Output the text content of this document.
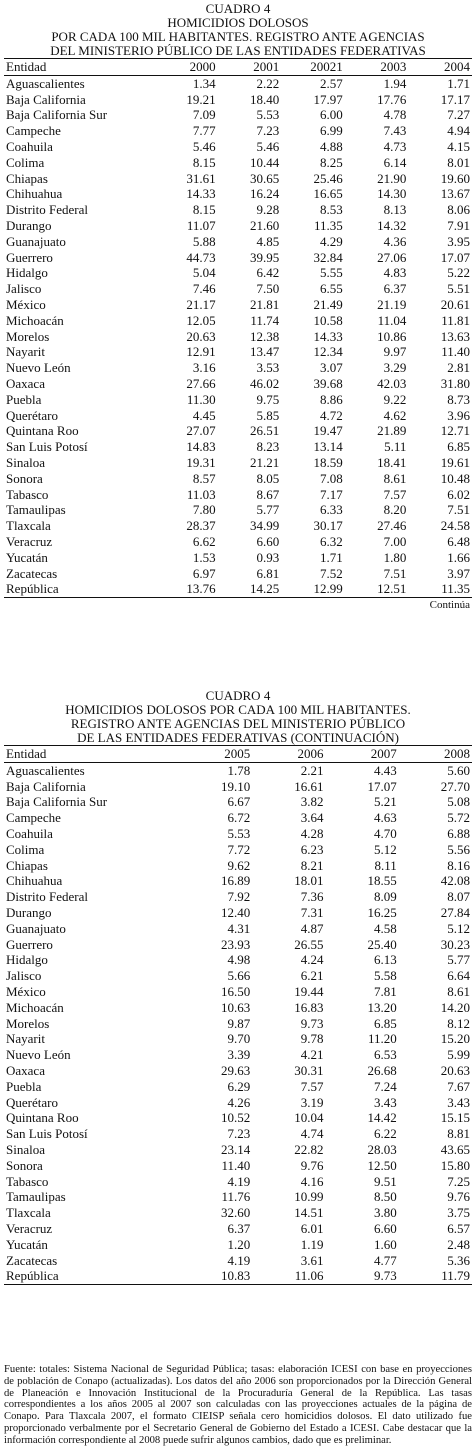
CUADRO 4
HOMICIDIOS DOLOSOS
POR CADA 100 MIL HABITANTES. REGISTRO ANTE AGENCIAS
DEL MINISTERIO PÚBLICO DE LAS ENTIDADES FEDERATIVAS
Entidad	2000	2001	20021	2003	2004
Aguascalientes	1.34	2.22	2.57	1.94	1.71
Baja California	19.21	18.40	17.97	17.76	17.17
Baja California Sur	7.09	5.53	6.00	4.78	7.27
Campeche	7.77	7.23	6.99	7.43	4.94
Coahuila	5.46	5.46	4.88	4.73	4.15
Colima	8.15	10.44	8.25	6.14	8.01
Chiapas	31.61	30.65	25.46	21.90	19.60
Chihuahua	14.33	16.24	16.65	14.30	13.67
Distrito Federal	8.15	9.28	8.53	8.13	8.06
Durango	11.07	21.60	11.35	14.32	7.91
Guanajuato	5.88	4.85	4.29	4.36	3.95
Guerrero	44.73	39.95	32.84	27.06	17.07
Hidalgo	5.04	6.42	5.55	4.83	5.22
Jalisco	7.46	7.50	6.55	6.37	5.51
México	21.17	21.81	21.49	21.19	20.61
Michoacán	12.05	11.74	10.58	11.04	11.81
Morelos	20.63	12.38	14.33	10.86	13.63
Nayarit	12.91	13.47	12.34	9.97	11.40
Nuevo León	3.16	3.53	3.07	3.29	2.81
Oaxaca	27.66	46.02	39.68	42.03	31.80
Puebla	11.30	9.75	8.86	9.22	8.73
Querétaro	4.45	5.85	4.72	4.62	3.96
Quintana Roo	27.07	26.51	19.47	21.89	12.71
San Luis Potosí	14.83	8.23	13.14	5.11	6.85
Sinaloa	19.31	21.21	18.59	18.41	19.61
Sonora	8.57	8.05	7.08	8.61	10.48
Tabasco	11.03	8.67	7.17	7.57	6.02
Tamaulipas	7.80	5.77	6.33	8.20	7.51
Tlaxcala	28.37	34.99	30.17	27.46	24.58
Veracruz	6.62	6.60	6.32	7.00	6.48
Yucatán	1.53	0.93	1.71	1.80	1.66
Zacatecas	6.97	6.81	7.52	7.51	3.97
República	13.76	14.25	12.99	12.51	11.35
Continúa
CUADRO 4
HOMICIDIOS DOLOSOS POR CADA 100 MIL HABITANTES.
REGISTRO ANTE AGENCIAS DEL MINISTERIO PÚBLICO
DE LAS ENTIDADES FEDERATIVAS (CONTINUACIÓN)
Entidad	2005	2006	2007	2008
Aguascalientes	1.78	2.21	4.43	5.60
Baja California	19.10	16.61	17.07	27.70
Baja California Sur	6.67	3.82	5.21	5.08
Campeche	6.72	3.64	4.63	5.72
Coahuila	5.53	4.28	4.70	6.88
Colima	7.72	6.23	5.12	5.56
Chiapas	9.62	8.21	8.11	8.16
Chihuahua	16.89	18.01	18.55	42.08
Distrito Federal	7.92	7.36	8.09	8.07
Durango	12.40	7.31	16.25	27.84
Guanajuato	4.31	4.87	4.58	5.12
Guerrero	23.93	26.55	25.40	30.23
Hidalgo	4.98	4.24	6.13	5.77
Jalisco	5.66	6.21	5.58	6.64
México	16.50	19.44	7.81	8.61
Michoacán	10.63	16.83	13.20	14.20
Morelos	9.87	9.73	6.85	8.12
Nayarit	9.70	9.78	11.20	15.20
Nuevo León	3.39	4.21	6.53	5.99
Oaxaca	29.63	30.31	26.68	20.63
Puebla	6.29	7.57	7.24	7.67
Querétaro	4.26	3.19	3.43	3.43
Quintana Roo	10.52	10.04	14.42	15.15
San Luis Potosí	7.23	4.74	6.22	8.81
Sinaloa	23.14	22.82	28.03	43.65
Sonora	11.40	9.76	12.50	15.80
Tabasco	4.19	4.16	9.51	7.25
Tamaulipas	11.76	10.99	8.50	9.76
Tlaxcala	32.60	14.51	3.80	3.75
Veracruz	6.37	6.01	6.60	6.57
Yucatán	1.20	1.19	1.60	2.48
Zacatecas	4.19	3.61	4.77	5.36
República	10.83	11.06	9.73	11.79
Fuente: totales: Sistema Nacional de Seguridad Pública; tasas: elaboración ICESI con base en proyecciones de población de Conapo (actualizadas). Los datos del año 2006 son proporcionados por la Dirección General de Planeación e Innovación Institucional de la Procuraduría General de la República. Las tasas correspondientes a los años 2005 al 2007 son calculadas con las proyecciones actuales de la página de Conapo. Para Tlaxcala 2007, el formato CIEISP señala cero homicidios dolosos. El dato utilizado fue proporcionado verbalmente por el Secretario General de Gobierno del Estado a ICESI. Cabe destacar que la información correspondiente al 2008 puede sufrir algunos cambios, dado que es preliminar.
